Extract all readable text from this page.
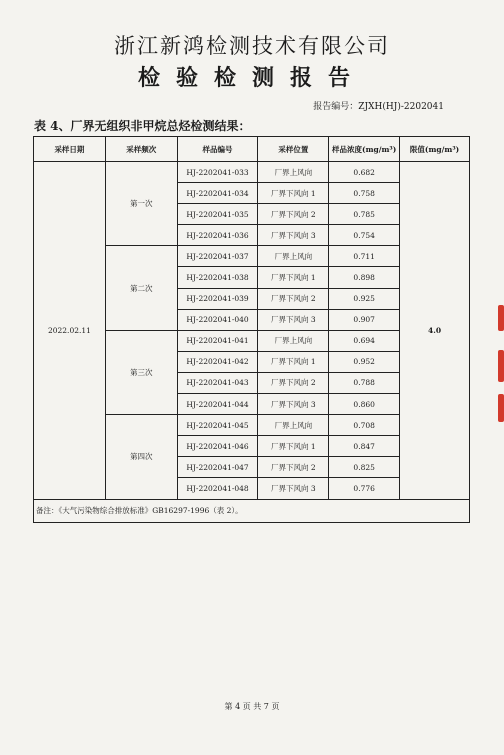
浙江新鸿检测技术有限公司
检验检测报告
报告编号：ZJXH(HJ)-2202041
表 4、厂界无组织非甲烷总烃检测结果：
采样日期	采样频次	样品编号	采样位置	样品浓度(mg/m³)	限值(mg/m³)
2022.02.11	第一次	HJ-2202041-033	厂界上风向	0.682	4.0
		HJ-2202041-034	厂界下风向 1	0.758	
		HJ-2202041-035	厂界下风向 2	0.785	
		HJ-2202041-036	厂界下风向 3	0.754	
	第二次	HJ-2202041-037	厂界上风向	0.711	
		HJ-2202041-038	厂界下风向 1	0.898	
		HJ-2202041-039	厂界下风向 2	0.925	
		HJ-2202041-040	厂界下风向 3	0.907	
	第三次	HJ-2202041-041	厂界上风向	0.694	
		HJ-2202041-042	厂界下风向 1	0.952	
		HJ-2202041-043	厂界下风向 2	0.788	
		HJ-2202041-044	厂界下风向 3	0.860	
	第四次	HJ-2202041-045	厂界上风向	0.708	
		HJ-2202041-046	厂界下风向 1	0.847	
		HJ-2202041-047	厂界下风向 2	0.825	
		HJ-2202041-048	厂界下风向 3	0.776	
备注：《大气污染物综合排放标准》GB16297-1996（表 2）。					
第 4 页 共 7 页
